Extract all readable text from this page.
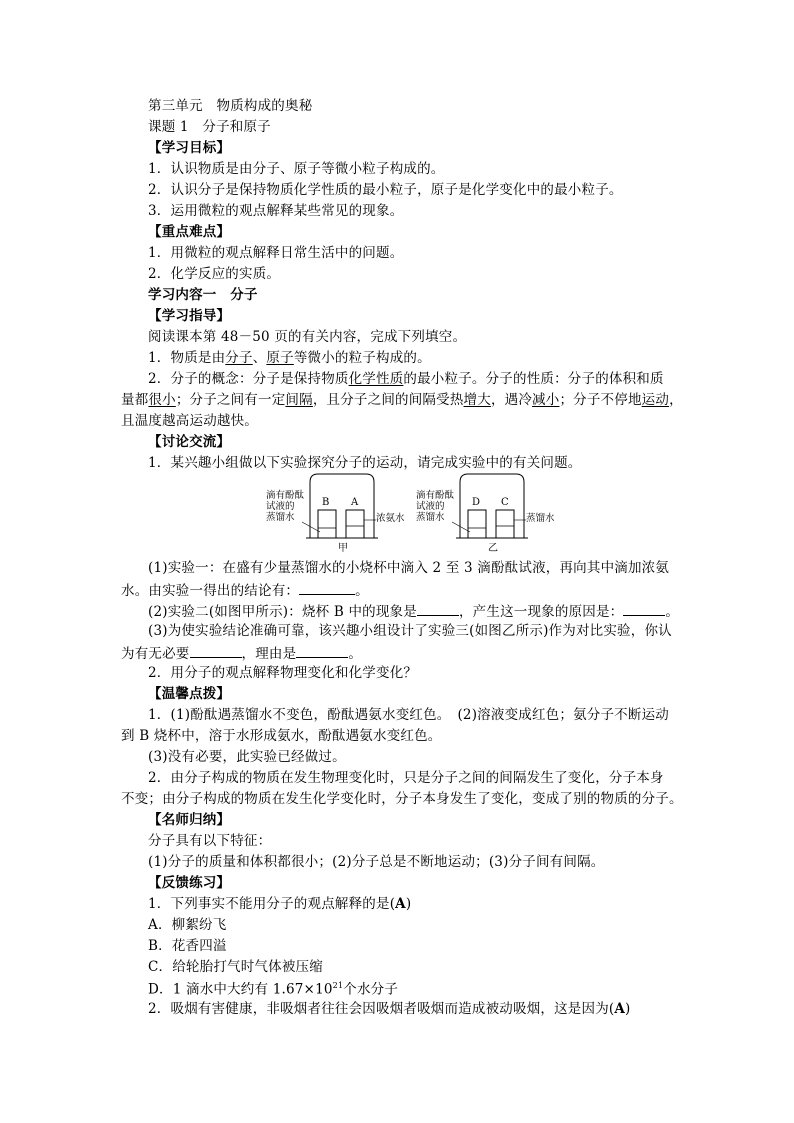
第三单元　物质构成的奥秘
课题 1　分子和原子
【学习目标】
1．认识物质是由分子、原子等微小粒子构成的。
2．认识分子是保持物质化学性质的最小粒子，原子是化学变化中的最小粒子。
3．运用微粒的观点解释某些常见的现象。
【重点难点】
1．用微粒的观点解释日常生活中的问题。
2．化学反应的实质。
学习内容一　分子
【学习指导】
阅读课本第 48－50 页的有关内容，完成下列填空。
1．物质是由分子、原子等微小的粒子构成的。
2．分子的概念：分子是保持物质化学性质的最小粒子。分子的性质：分子的体积和质
量都很小；分子之间有一定间隔，且分子之间的间隔受热增大，遇冷减小；分子不停地运动，
且温度越高运动越快。
【讨论交流】
1．某兴趣小组做以下实验探究分子的运动，请完成实验中的有关问题。
滴有酚酞
试液的
蒸馏水
B A
浓氨水
滴有酚酞
试液的
蒸馏水
D C
蒸馏水
甲	乙
(1)实验一：在盛有少量蒸馏水的小烧杯中滴入 2 至 3 滴酚酞试液，再向其中滴加浓氨
水。由实验一得出的结论有：	。
(2)实验二(如图甲所示)：烧杯 B 中的现象是	，产生这一现象的原因是：	。
(3)为使实验结论准确可靠，该兴趣小组设计了实验三(如图乙所示)作为对比实验，你认
为有无必要	，理由是	。
2．用分子的观点解释物理变化和化学变化？
【温馨点拨】
1．(1)酚酞遇蒸馏水不变色，酚酞遇氨水变红色。　(2)溶液变成红色；氨分子不断运动
到 B 烧杯中，溶于水形成氨水，酚酞遇氨水变红色。
(3)没有必要，此实验已经做过。
2．由分子构成的物质在发生物理变化时，只是分子之间的间隔发生了变化，分子本身
不变；由分子构成的物质在发生化学变化时，分子本身发生了变化，变成了别的物质的分子。
【名师归纳】
分子具有以下特征：
(1)分子的质量和体积都很小；(2)分子总是不断地运动；(3)分子间有间隔。
【反馈练习】
1．下列事实不能用分子的观点解释的是(A)
A．柳絮纷飞
B．花香四溢
C．给轮胎打气时气体被压缩
D．1 滴水中大约有 $1.67\times 10^{21}$个水分子
2．吸烟有害健康，非吸烟者往往会因吸烟者吸烟而造成被动吸烟，这是因为(A)
